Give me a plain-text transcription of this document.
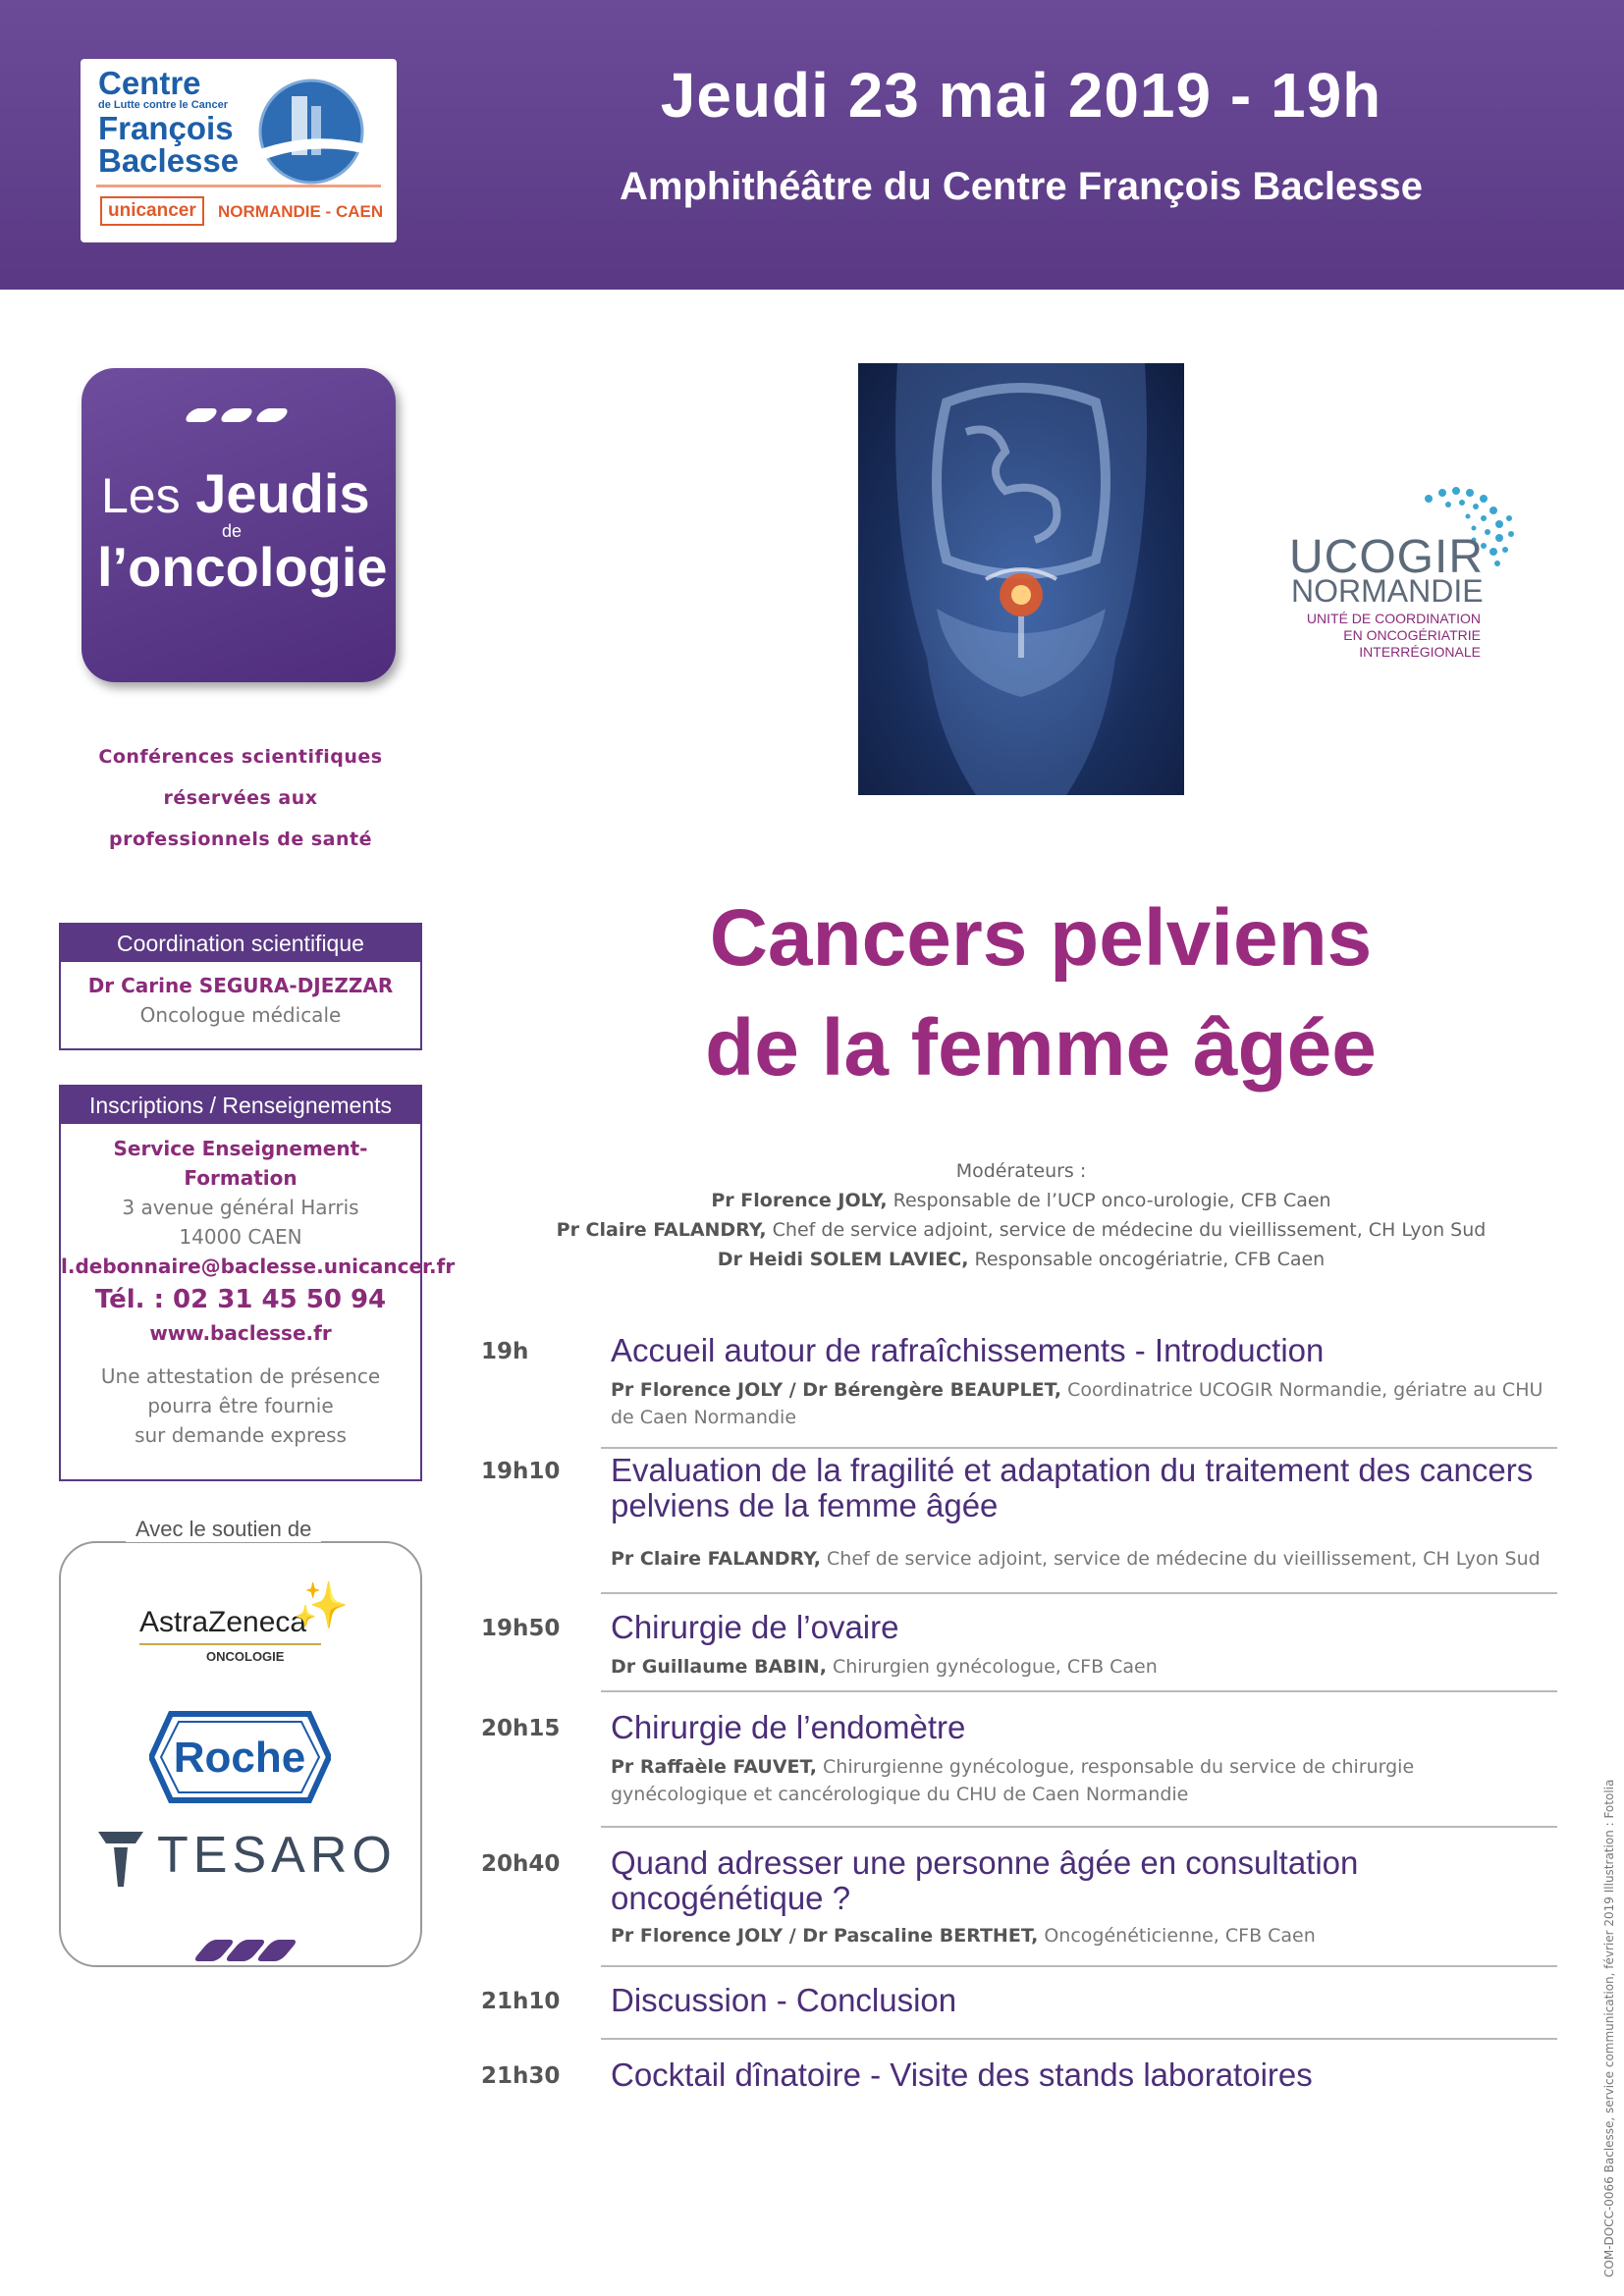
Centre
de Lutte contre le Cancer
François
Baclesse
unicancer	NORMANDIE - CAEN
Jeudi 23 mai 2019 - 19h
Amphithéâtre du Centre François Baclesse
Les Jeudis
de
l’oncologie
Conférences scientifiques
réservées aux
professionnels de santé
Coordination scientifique
Dr Carine SEGURA-DJEZZAR
Oncologue médicale
Inscriptions / Renseignements
Service Enseignement-Formation
3 avenue général Harris
14000 CAEN
l.debonnaire@baclesse.unicancer.fr
Tél. : 02 31 45 50 94
www.baclesse.fr
Une attestation de présence
pourra être fournie
sur demande express
Avec le soutien de
AstraZeneca
✨
ONCOLOGIE
Roche
TESARO
UCOGIR
NORMANDIE
UNITÉ DE COORDINATION
EN ONCOGÉRIATRIE
INTERRÉGIONALE
Cancers pelviens
de la femme âgée
Modérateurs :
Pr Florence JOLY, Responsable de l’UCP onco-urologie, CFB Caen
Pr Claire FALANDRY, Chef de service adjoint, service de médecine du vieillissement, CH Lyon Sud
Dr Heidi SOLEM LAVIEC, Responsable oncogériatrie, CFB Caen
19h	Accueil autour de rafraîchissements - Introduction
Pr Florence JOLY / Dr Bérengère BEAUPLET, Coordinatrice UCOGIR Normandie, gériatre au CHU de Caen Normandie
19h10 Evaluation de la fragilité et adaptation du traitement des cancers pelviens de la femme âgée
Pr Claire FALANDRY, Chef de service adjoint, service de médecine du vieillissement, CH Lyon Sud
19h50 Chirurgie de l’ovaire
Dr Guillaume BABIN, Chirurgien gynécologue, CFB Caen
20h15 Chirurgie de l’endomètre
Pr Raffaèle FAUVET, Chirurgienne gynécologue, responsable du service de chirurgie gynécologique et cancérologique du CHU de Caen Normandie
20h40 Quand adresser une personne âgée en consultation oncogénétique ?
Pr Florence JOLY / Dr Pascaline BERTHET, Oncogénéticienne, CFB Caen
21h10 Discussion - Conclusion
21h30 Cocktail dînatoire - Visite des stands laboratoires	COM-DOCC-0066 Baclesse, service communication, février 2019 Illustration : Fotolia
